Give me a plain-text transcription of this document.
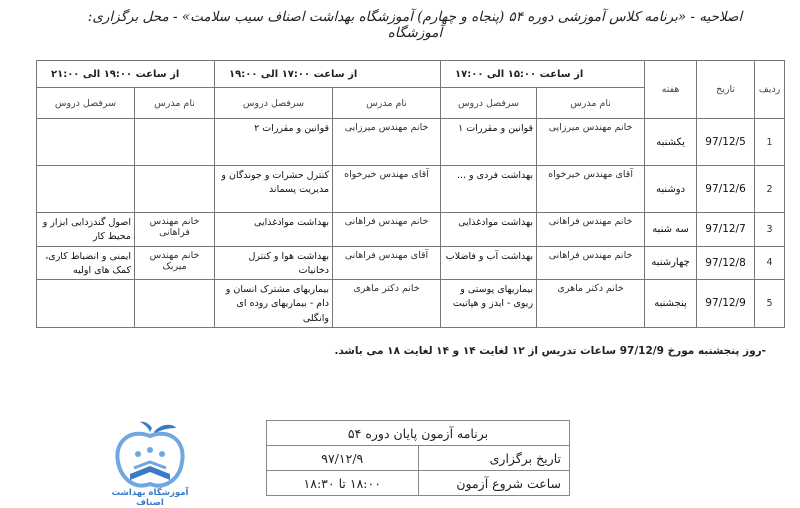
اصلاحیه - «برنامه کلاس آموزشی دوره ۵۴ (پنجاه و چهارم) آموزشگاه بهداشت اصناف سیب سلامت» - محل برگزاری: آموزشگاه
ردیف	تاریخ	هفته	از ساعت ۱۵:۰۰ الی ۱۷:۰۰		از ساعت ۱۷:۰۰ الی ۱۹:۰۰		از ساعت ۱۹:۰۰ الی ۲۱:۰۰	
			نام مدرس	سرفصل دروس	نام مدرس	سرفصل دروس	نام مدرس	سرفصل دروس
1	97/12/5	یکشنبه	خانم مهندس میرزایی	قوانین و مقررات ۱	خانم مهندس میرزایی	قوانین و مقررات ۲		
2	97/12/6	دوشنبه	آقای مهندس خیرخواه	بهداشت فردی و ...	آقای مهندس خیرخواه	کنترل حشرات و جوندگان و مدیریت پسماند		
3	97/12/7	سه شنبه	خانم مهندس فراهانی	بهداشت موادغذایی	خانم مهندس فراهانی	بهداشت موادغذایی	خانم مهندس فراهانی	اصول گندزدایی ابزار و محیط کار
4	97/12/8	چهارشنبه	خانم مهندس فراهانی	بهداشت آب و فاضلاب	آقای مهندس فراهانی	بهداشت هوا و کنترل دخانیات	خانم مهندس میربک	ایمنی و انضباط کاری، کمک های اولیه
5	97/12/9	پنجشنبه	خانم دکتر ماهری	بیماریهای پوستی و ریوی - ایدز و هپاتیت	خانم دکتر ماهری	بیماریهای مشترک انسان و دام - بیماریهای روده ای وانگلی		
-روز پنجشنبه مورخ 97/12/9 ساعات تدریس از ۱۲ لغایت ۱۴ و ۱۴ لغایت ۱۸ می باشد.
آموزشگاه بهداشت اصناف
برنامه آزمون پایان دوره ۵۴	
تاریخ برگزاری	۹۷/۱۲/۹
ساعت شروع آزمون	۱۸:۰۰ تا ۱۸:۳۰
